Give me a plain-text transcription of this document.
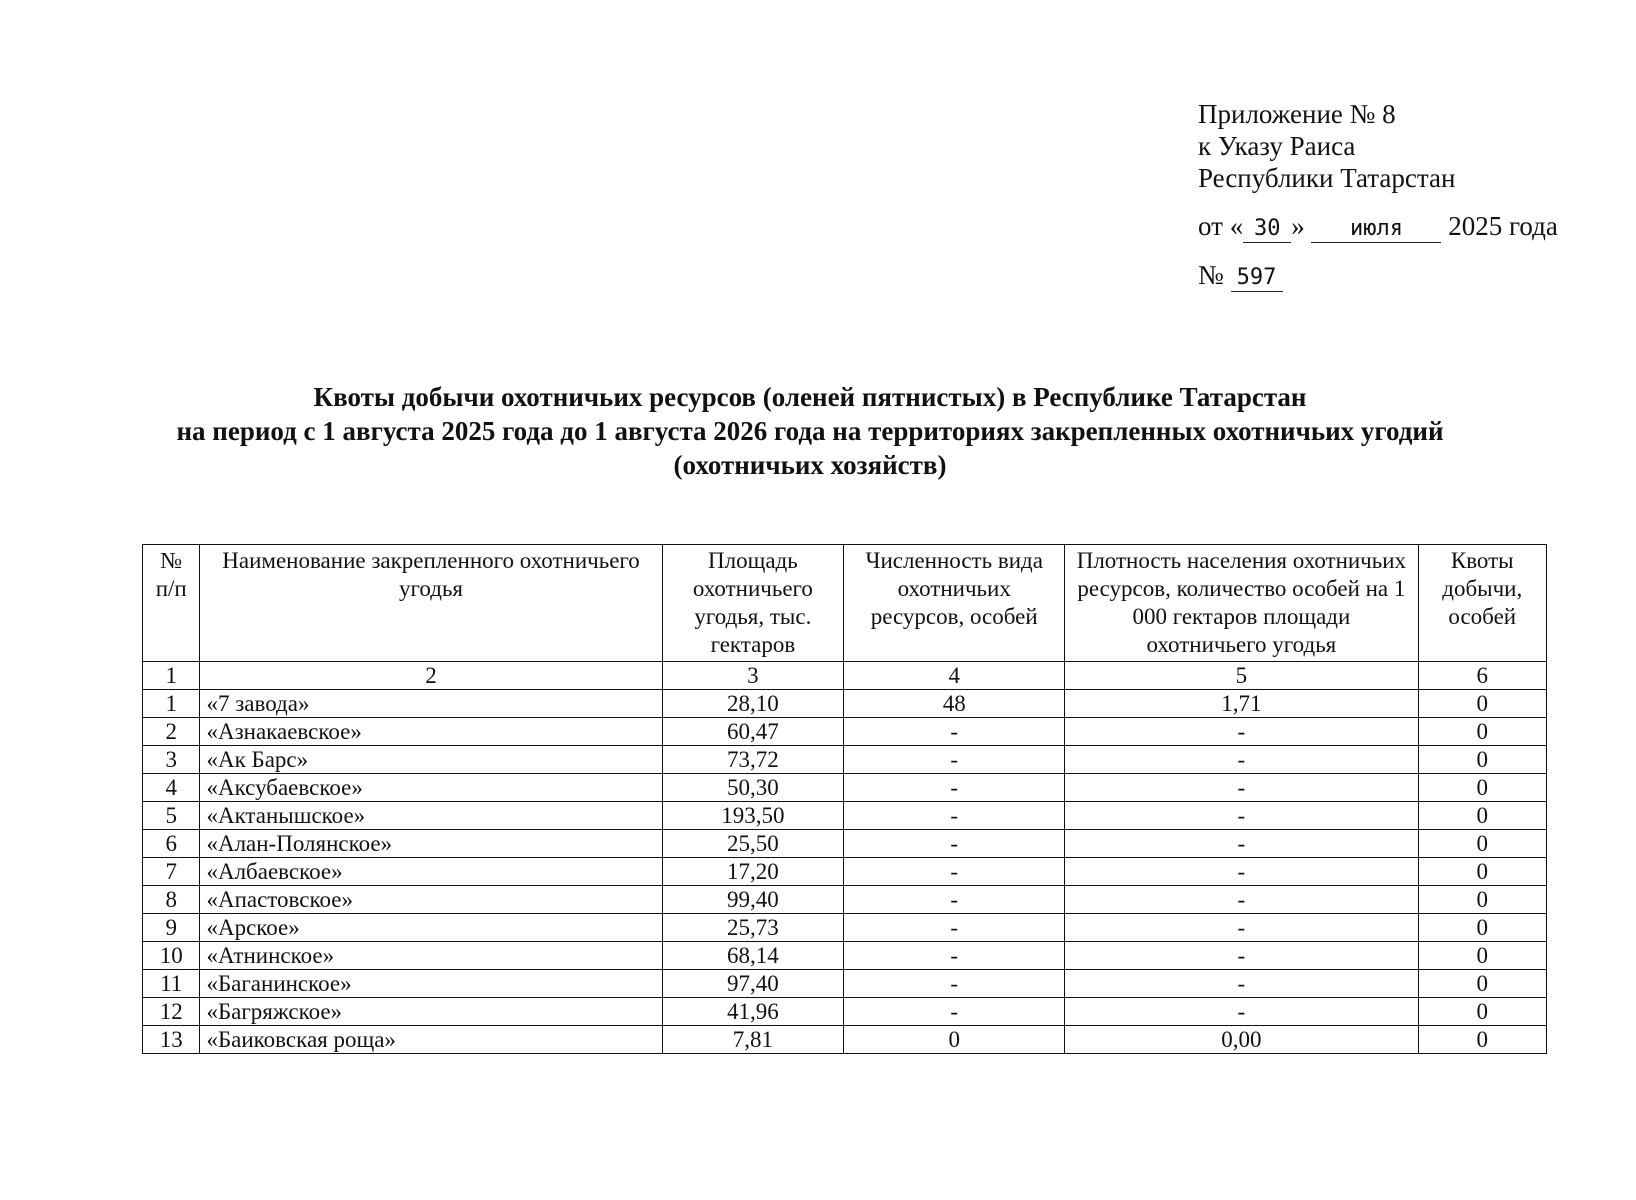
Приложение № 8
к Указу Раиса
Республики Татарстан
от « 30 » июля 2025 года
№ 597
Квоты добычи охотничьих ресурсов (оленей пятнистых) в Республике Татарстан
на период с 1 августа 2025 года до 1 августа 2026 года на территориях закрепленных охотничьих угодий
(охотничьих хозяйств)
№ п/п	Наименование закрепленного охотничьего угодья	Площадь охотничьего угодья, тыс. гектаров	Численность вида охотничьих ресурсов, особей	Плотность населения охотничьих ресурсов, количество особей на 1 000 гектаров площади охотничьего угодья	Квоты добычи, особей
1	2	3	4	5	6
1	«7 завода»	28,10	48	1,71	0
2	«Азнакаевское»	60,47	-	-	0
3	«Ак Барс»	73,72	-	-	0
4	«Аксубаевское»	50,30	-	-	0
5	«Актанышское»	193,50	-	-	0
6	«Алан-Полянское»	25,50	-	-	0
7	«Албаевское»	17,20	-	-	0
8	«Апастовское»	99,40	-	-	0
9	«Арское»	25,73	-	-	0
10	«Атнинское»	68,14	-	-	0
11	«Баганинское»	97,40	-	-	0
12	«Багряжское»	41,96	-	-	0
13	«Баиковская роща»	7,81	0	0,00	0
